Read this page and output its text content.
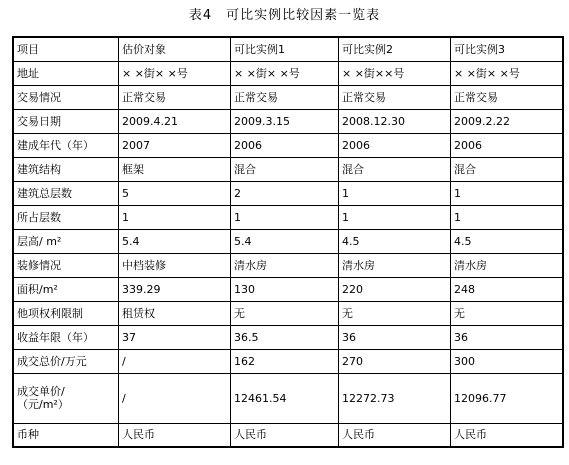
表4　可比实例比较因素一览表
项目	估价对象	可比实例1	可比实例2	可比实例3
地址	× ×街× ×号	× ×街× ×号	× ×街××号	× ×街× ×号
交易情况	正常交易	正常交易	正常交易	正常交易
交易日期	2009.4.21	2009.3.15	2008.12.30	2009.2.22
建成年代（年）	2007	2006	2006	2006
建筑结构	框架	混合	混合	混合
建筑总层数	5	2	1	1
所占层数	1	1	1	1
层高/ m²	5.4	5.4	4.5	4.5
装修情况	中档装修	清水房	清水房	清水房
面积/m²	339.29	130	220	248
他项权利限制	租赁权	无	无	无
收益年限（年）	37	36.5	36	36
成交总价/万元	/	162	270	300

成交单价/
（元/m²）	/	12461.54	12272.73	12096.77
币种	人民币	人民币	人民币	人民币
